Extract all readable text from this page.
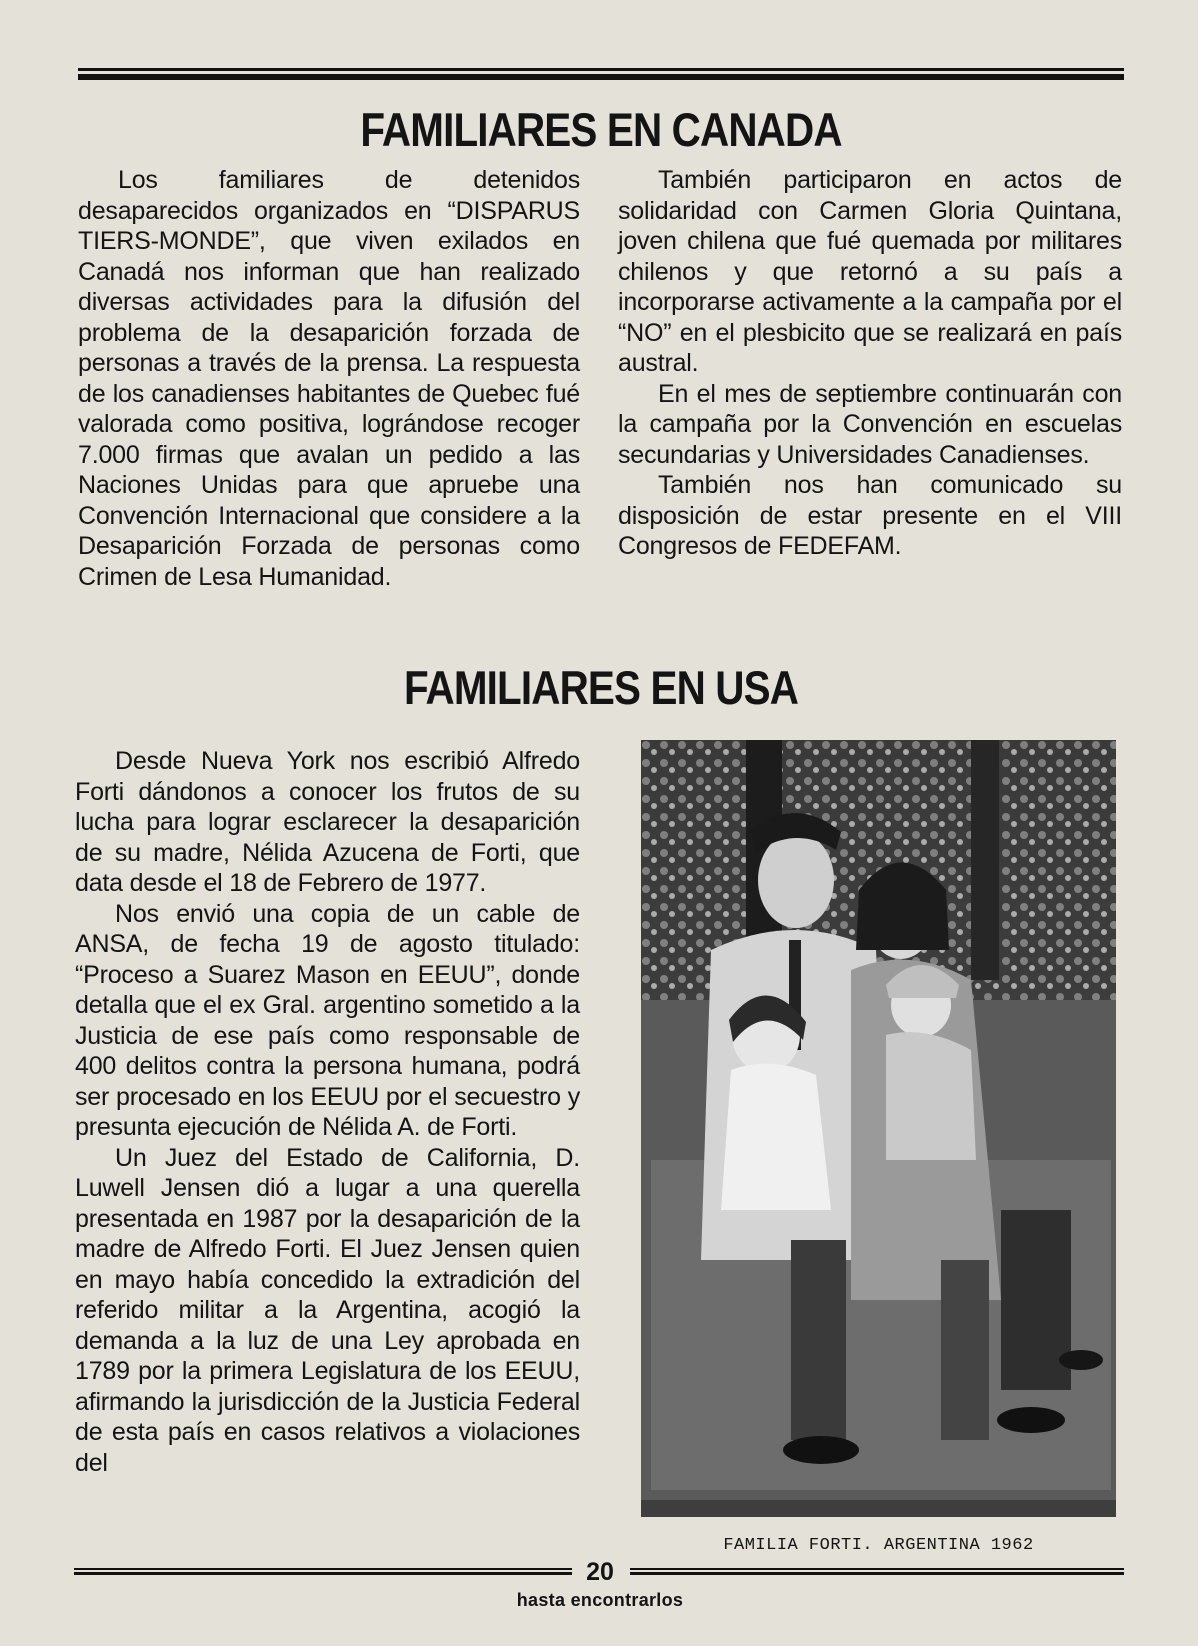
FAMILIARES EN CANADA

Los familiares de detenidos desaparecidos organizados en “DISPARUS TIERS-MONDE”, que viven exilados en Canadá nos informan que han realizado diversas actividades para la difusión del problema de la desaparición forzada de personas a través de la prensa. La respuesta de los canadienses habitantes de Quebec fué valorada como positiva, lográndose recoger 7.000 firmas que avalan un pedido a las Naciones Unidas para que apruebe una Convención Internacional que considere a la Desaparición Forzada de personas como Crimen de Lesa Humanidad.

También participaron en actos de solidaridad con Carmen Gloria Quintana, joven chilena que fué quemada por militares chilenos y que retornó a su país a incorporarse activamente a la campaña por el “NO” en el plesbicito que se realizará en país austral.

En el mes de septiembre continuarán con la campaña por la Convención en escuelas secundarias y Universidades Canadienses.

También nos han comunicado su disposición de estar presente en el VIII Congresos de FEDEFAM.

FAMILIARES EN USA

Desde Nueva York nos escribió Alfredo Forti dándonos a conocer los frutos de su lucha para lograr esclarecer la desaparición de su madre, Nélida Azucena de Forti, que data desde el 18 de Febrero de 1977.

Nos envió una copia de un cable de ANSA, de fecha 19 de agosto titulado: “Proceso a Suarez Mason en EEUU”, donde detalla que el ex Gral. argentino sometido a la Justicia de ese país como responsable de 400 delitos contra la persona humana, podrá ser procesado en los EEUU por el secuestro y presunta ejecución de Nélida A. de Forti.

Un Juez del Estado de California, D. Luwell Jensen dió a lugar a una querella presentada en 1987 por la desaparición de la madre de Alfredo Forti. El Juez Jensen quien en mayo había concedido la extradición del referido militar a la Argentina, acogió la demanda a la luz de una Ley aprobada en 1789 por la primera Legislatura de los EEUU, afirmando la jurisdicción de la Justicia Federal de esta país en casos relativos a violaciones del

FAMILIA FORTI. ARGENTINA 1962
20
hasta encontrarlos
